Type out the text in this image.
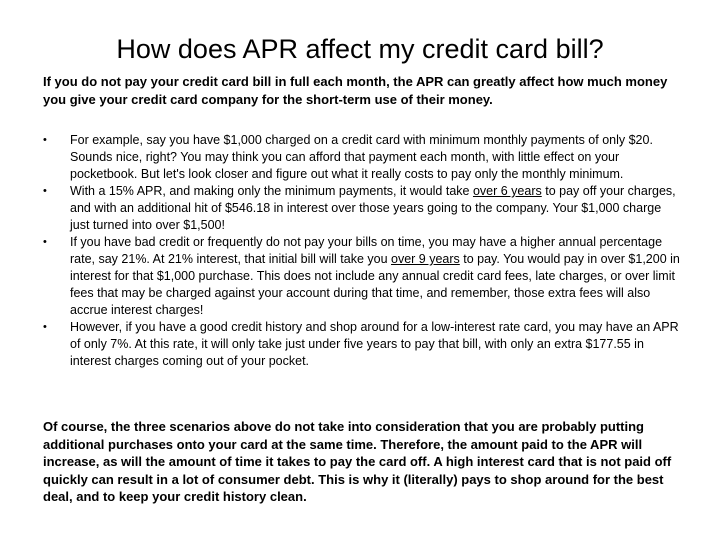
How does APR affect my credit card bill?

If you do not pay your credit card bill in full each month, the APR can greatly affect how much money you give your credit card company for the short-term use of their money.

•	For example, say you have $1,000 charged on a credit card with minimum monthly payments of only $20. Sounds nice, right? You may think you can afford that payment each month, with little effect on your pocketbook. But let's look closer and figure out what it really costs to pay only the monthly minimum.
•	With a 15% APR, and making only the minimum payments, it would take over 6 years to pay off your charges, and with an additional hit of $546.18 in interest over those years going to the company. Your $1,000 charge just turned into over $1,500!
•	If you have bad credit or frequently do not pay your bills on time, you may have a higher annual percentage rate, say 21%. At 21% interest, that initial bill will take you over 9 years to pay. You would pay in over $1,200 in interest for that $1,000 purchase. This does not include any annual credit card fees, late charges, or over limit fees that may be charged against your account during that time, and remember, those extra fees will also accrue interest charges!
•	However, if you have a good credit history and shop around for a low-interest rate card, you may have an APR of only 7%. At this rate, it will only take just under five years to pay that bill, with only an extra $177.55 in interest charges coming out of your pocket.

Of course, the three scenarios above do not take into consideration that you are probably putting additional purchases onto your card at the same time. Therefore, the amount paid to the APR will increase, as will the amount of time it takes to pay the card off. A high interest card that is not paid off quickly can result in a lot of consumer debt. This is why it (literally) pays to shop around for the best deal, and to keep your credit history clean.
